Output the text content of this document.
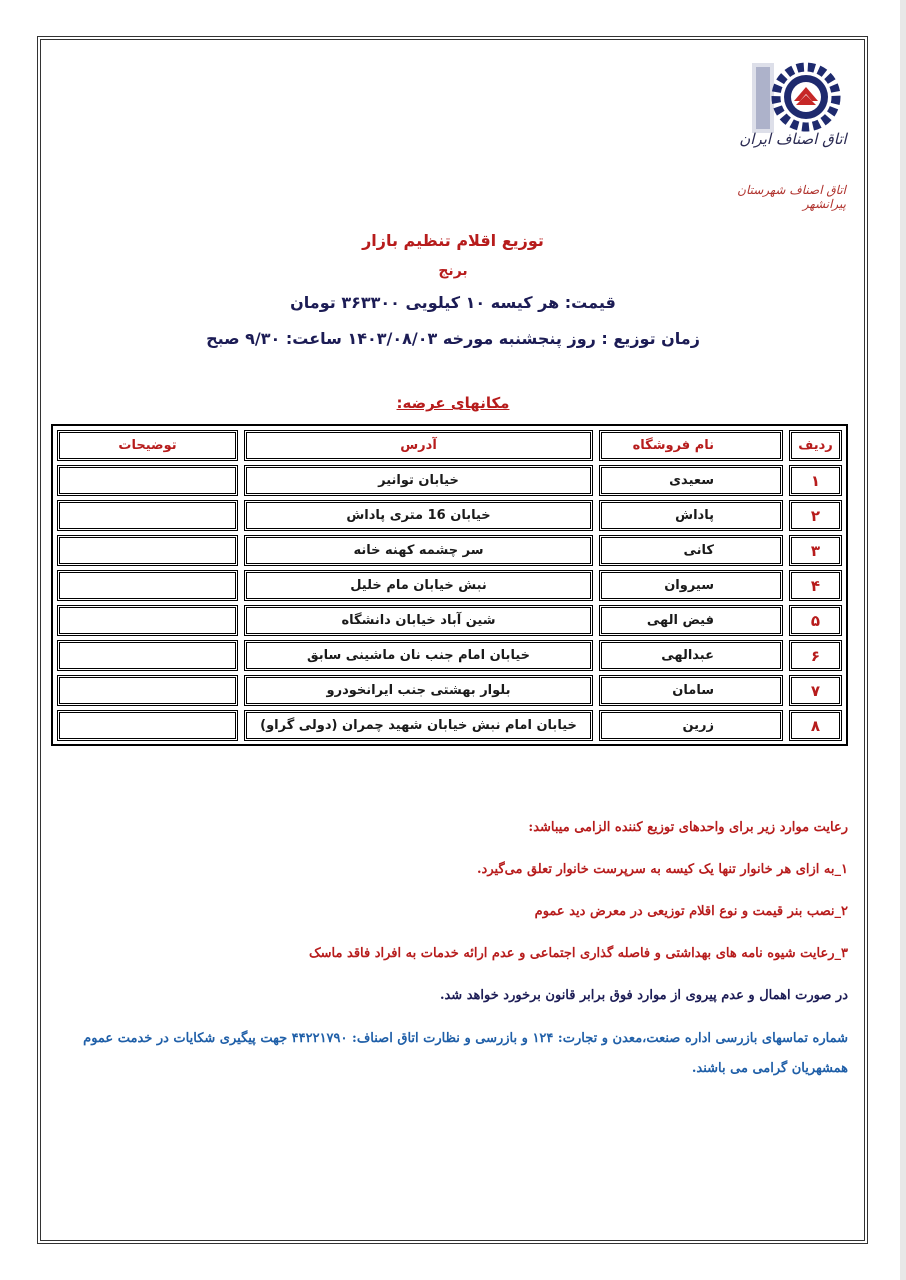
اتاق اصناف ایران
اتاق اصناف شهرستان پیرانشهر
توزیع اقلام تنظیم بازار
برنج
قیمت: هر کیسه ۱۰ کیلویی ۳۶۳۳۰۰ تومان
زمان توزیع : روز پنجشنبه مورخه ۱۴۰۳/۰۸/۰۳ ساعت: ۹/۳۰ صبح
مکانهای عرضه:
ردیف
نام فروشگاه
آدرس
توضیحات
۱
سعیدی
خیابان توانیر
۲
پاداش
خیابان 16 متری پاداش
۳
کانی
سر چشمه کهنه خانه
۴
سیروان
نبش خیابان مام خلیل
۵
فیض الهی
شین آباد خیابان دانشگاه
۶
عبدالهی
خیابان امام جنب نان ماشینی سابق
۷
سامان
بلوار بهشتی جنب ایرانخودرو
۸
زرین
خیابان امام نبش خیابان شهید چمران (دولی گراو)
رعایت موارد زیر برای واحدهای توزیع کننده الزامی میباشد:
۱_به ازای هر خانوار تنها یک کیسه به سرپرست خانوار تعلق می‌گیرد.
۲_نصب بنر قیمت و نوع اقلام توزیعی در معرض دید عموم
۳_رعایت شیوه نامه های بهداشتی و فاصله گذاری اجتماعی و عدم ارائه خدمات به افراد فاقد ماسک
در صورت اهمال و عدم پیروی از موارد فوق برابر قانون برخورد خواهد شد.
شماره تماسهای بازرسی اداره صنعت،معدن و تجارت: ۱۲۴ و بازرسی و نظارت اتاق اصناف: ۴۴۲۲۱۷۹۰ جهت پیگیری شکایات در خدمت عموم همشهریان گرامی می باشند.
